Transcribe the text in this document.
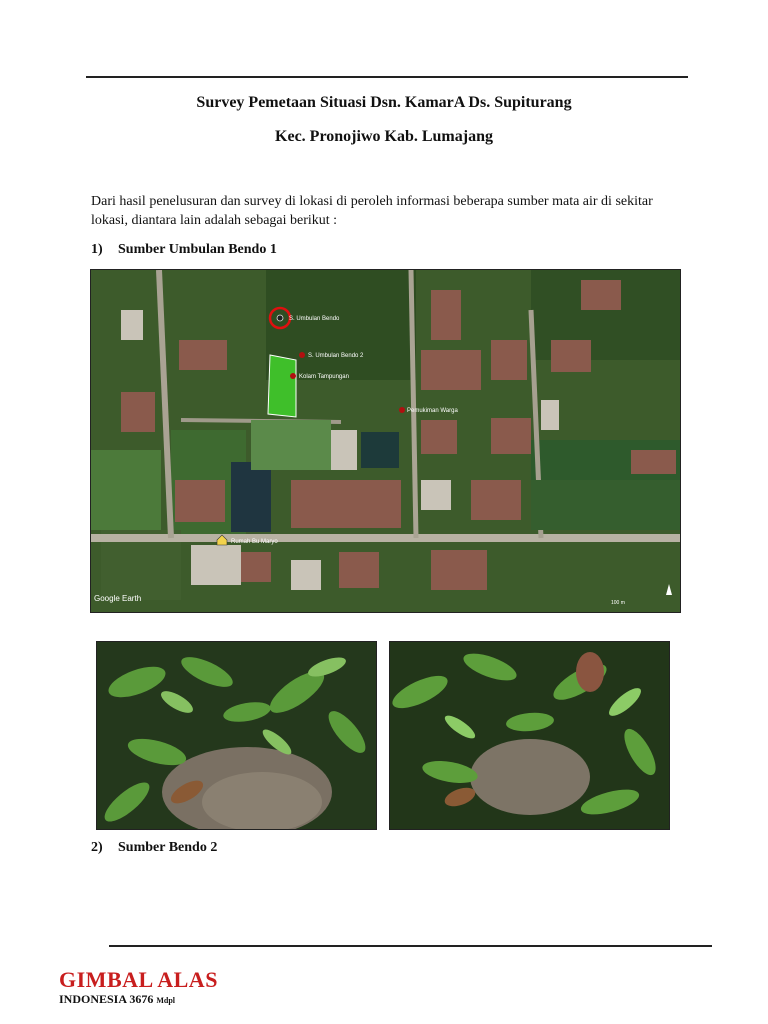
Survey Pemetaan Situasi Dsn. KamarA Ds. Supiturang
Kec. Pronojiwo Kab. Lumajang
Dari hasil penelusuran dan survey di lokasi di peroleh informasi beberapa sumber mata air di sekitar lokasi, diantara lain adalah sebagai berikut :
1) Sumber Umbulan Bendo 1
S. Umbulan Bendo
S. Umbulan Bendo 2
Kolam Tampungan
Pemukiman Warga
Rumah Bu Maryo
Google Earth	100 m
2) Sumber Bendo 2
GIMBAL ALAS
INDONESIA 3676 Mdpl
